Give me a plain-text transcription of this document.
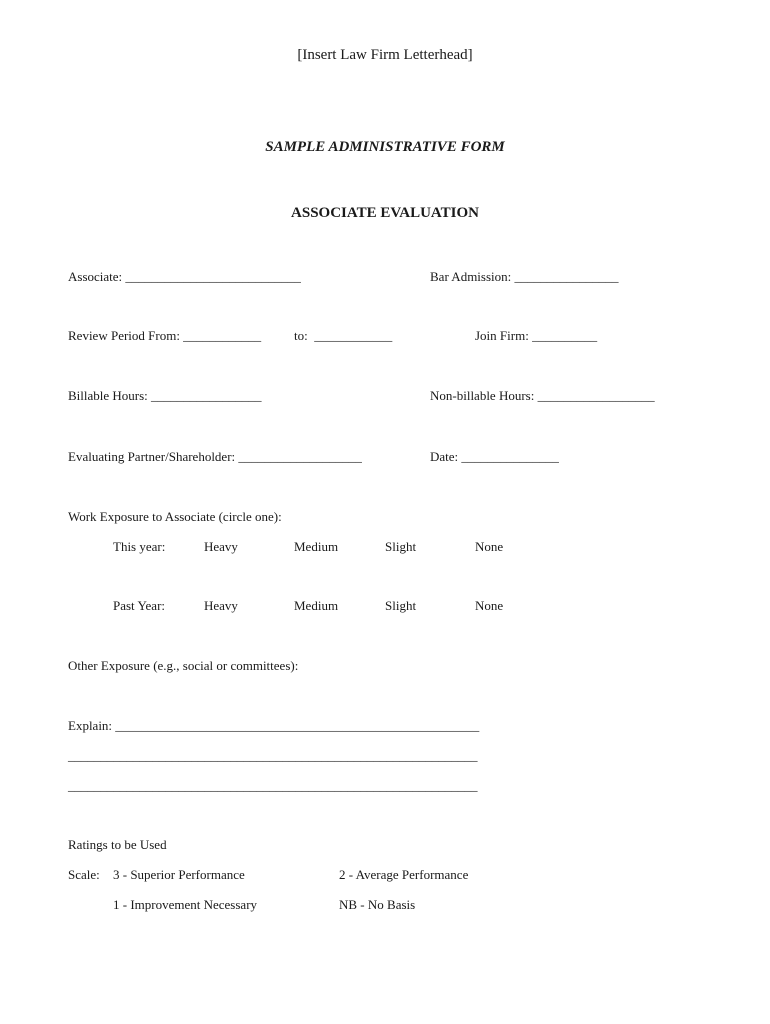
[Insert Law Firm Letterhead]
SAMPLE ADMINISTRATIVE FORM
ASSOCIATE EVALUATION
Associate: ___________________________	Bar Admission: ________________
Review Period From: ____________	to:  ____________	Join Firm: __________
Billable Hours: _________________	Non-billable Hours: __________________
Evaluating Partner/Shareholder: ___________________	Date: _______________
Work Exposure to Associate (circle one):
This year:	Heavy	Medium	Slight	None
Past Year:	Heavy	Medium	Slight	None
Other Exposure (e.g., social or committees):
Explain: ________________________________________________________
_______________________________________________________________
_______________________________________________________________
Ratings to be Used
Scale: 3 - Superior Performance	2 - Average Performance
1 - Improvement Necessary	NB - No Basis
